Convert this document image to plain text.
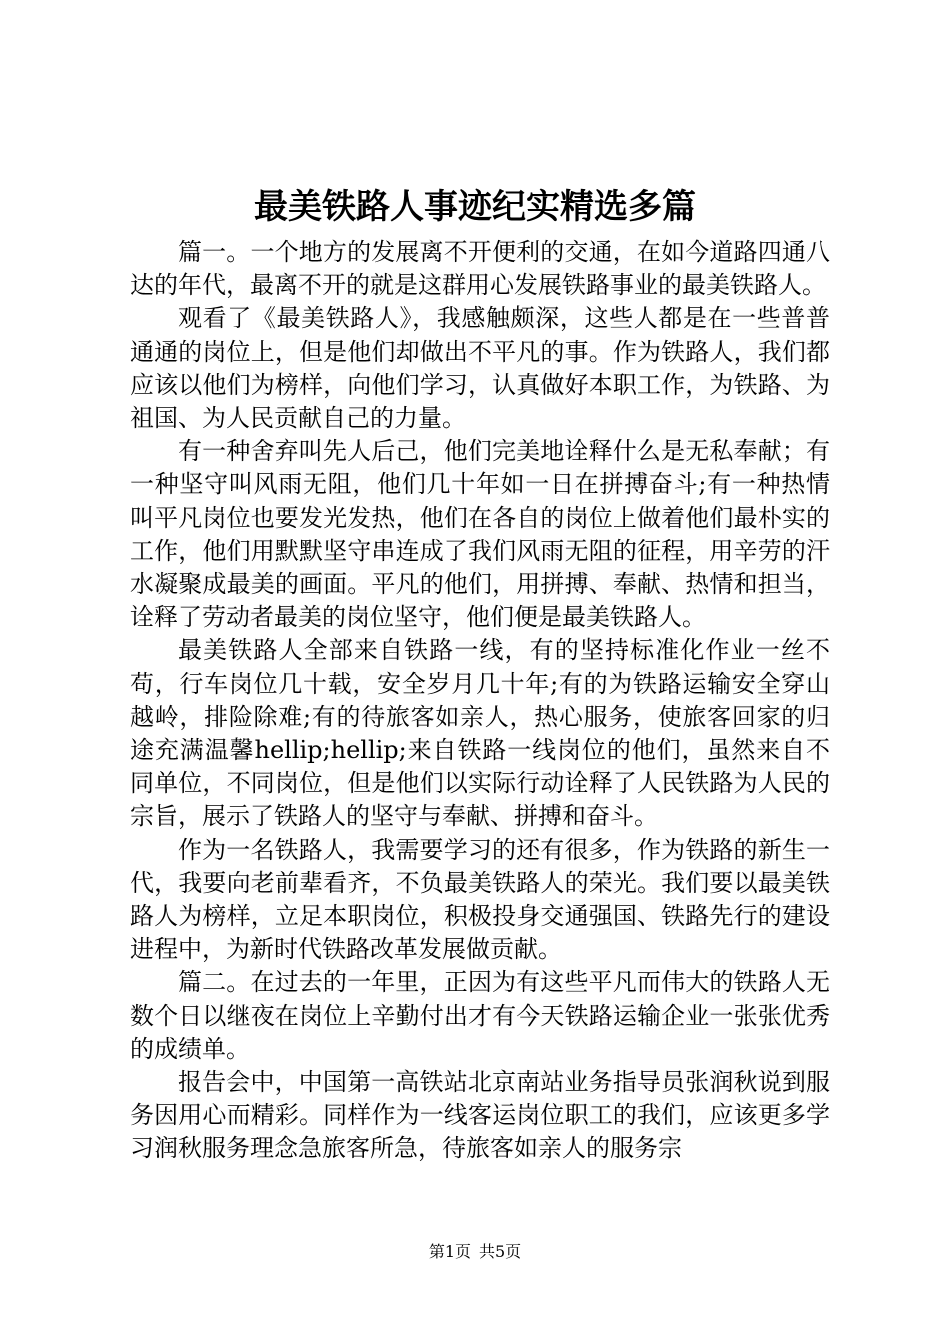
最美铁路人事迹纪实精选多篇

篇一。一个地方的发展离不开便利的交通，在如今道路四通八达的年代，最离不开的就是这群用心发展铁路事业的最美铁路人。

观看了《最美铁路人》，我感触颇深，这些人都是在一些普普通通的岗位上，但是他们却做出不平凡的事。作为铁路人，我们都应该以他们为榜样，向他们学习，认真做好本职工作，为铁路、为祖国、为人民贡献自己的力量。

有一种舍弃叫先人后己，他们完美地诠释什么是无私奉献；有一种坚守叫风雨无阻，他们几十年如一日在拼搏奋斗;有一种热情叫平凡岗位也要发光发热，他们在各自的岗位上做着他们最朴实的工作，他们用默默坚守串连成了我们风雨无阻的征程，用辛劳的汗水凝聚成最美的画面。平凡的他们，用拼搏、奉献、热情和担当，诠释了劳动者最美的岗位坚守，他们便是最美铁路人。

最美铁路人全部来自铁路一线，有的坚持标准化作业一丝不苟，行车岗位几十载，安全岁月几十年;有的为铁路运输安全穿山越岭，排险除难;有的待旅客如亲人，热心服务，使旅客回家的归途充满温馨hellip;hellip;来自铁路一线岗位的他们，虽然来自不同单位，不同岗位，但是他们以实际行动诠释了人民铁路为人民的宗旨，展示了铁路人的坚守与奉献、拼搏和奋斗。

作为一名铁路人，我需要学习的还有很多，作为铁路的新生一代，我要向老前辈看齐，不负最美铁路人的荣光。我们要以最美铁路人为榜样，立足本职岗位，积极投身交通强国、铁路先行的建设进程中，为新时代铁路改革发展做贡献。

篇二。在过去的一年里，正因为有这些平凡而伟大的铁路人无数个日以继夜在岗位上辛勤付出才有今天铁路运输企业一张张优秀的成绩单。

报告会中，中国第一高铁站北京南站业务指导员张润秋说到服务因用心而精彩。同样作为一线客运岗位职工的我们，应该更多学习润秋服务理念急旅客所急，待旅客如亲人的服务宗

第1页 共5页
